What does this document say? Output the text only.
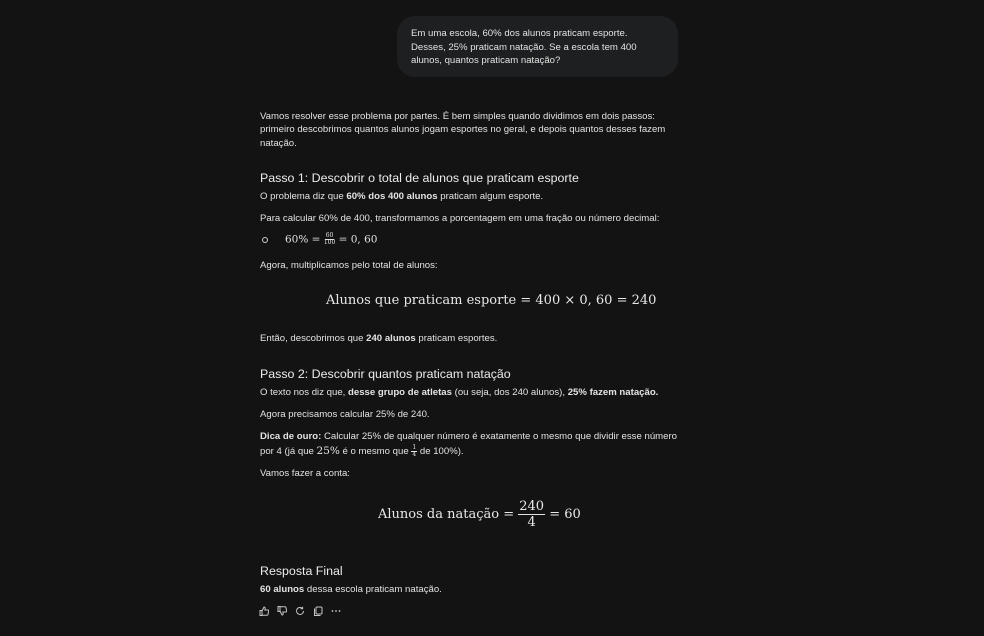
Em uma escola, 60% dos alunos praticam esporte. Desses, 25% praticam natação. Se a escola tem 400 alunos, quantos praticam natação?
Vamos resolver esse problema por partes. É bem simples quando dividimos em dois passos: primeiro descobrimos quantos alunos jogam esportes no geral, e depois quantos desses fazem natação.
Passo 1: Descobrir o total de alunos que praticam esporte
O problema diz que 60% dos 400 alunos praticam algum esporte.
Para calcular 60% de 400, transformamos a porcentagem em uma fração ou número decimal:
$60\% = \frac{60}{100} = 0$, 60
Agora, multiplicamos pelo total de alunos:
Alunos que praticam esporte = 400 × 0, 60 = 240
Então, descobrimos que 240 alunos praticam esportes.
Passo 2: Descobrir quantos praticam natação
O texto nos diz que, desse grupo de atletas (ou seja, dos 240 alunos), 25% fazem natação.
Agora precisamos calcular 25% de 240.
Dica de ouro: Calcular 25% de qualquer número é exatamente o mesmo que dividir esse número por 4 (já que 25% é o mesmo que $\frac{1}{4}$ de 100%).
Vamos fazer a conta:
Alunos da natação = $\frac{240}{4} = 60$
Resposta Final
60 alunos dessa escola praticam natação.
